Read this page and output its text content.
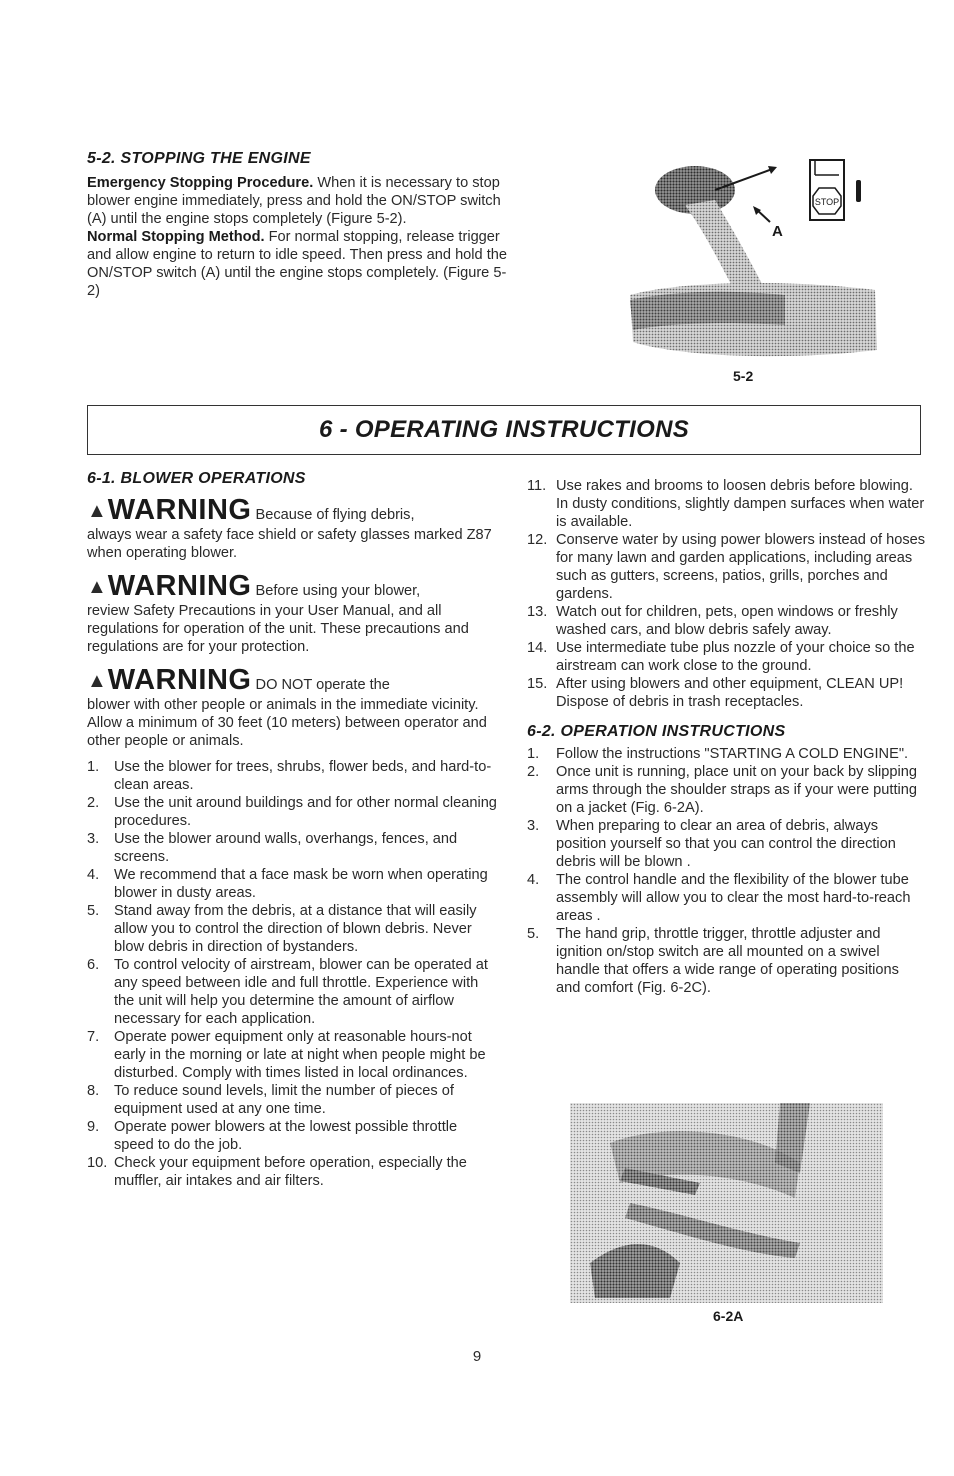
5-2. STOPPING THE ENGINE

Emergency Stopping Procedure. When it is necessary to stop blower engine immediately, press and hold the ON/STOP switch (A) until the engine stops completely (Figure 5-2).

Normal Stopping Method. For normal stopping, release trigger and allow engine to return to idle speed. Then press and hold the ON/STOP switch (A) until the engine stops completely. (Figure 5-2)

A
STOP
5-2
6 - OPERATING INSTRUCTIONS
6-1. BLOWER OPERATIONS
▲WARNING Because of flying debris,

always wear a safety face shield or safety glasses marked Z87 when operating blower.

▲WARNING Before using your blower,

review Safety Precautions in your User Manual, and all regulations for operation of the unit. These precautions and regulations are for your protection.

▲WARNING DO NOT operate the

blower with other people or animals in the immediate vicinity. Allow a minimum of 30 feet (10 meters) between operator and other people or animals.

1.	Use the blower for trees, shrubs, flower beds, and hard-to-clean areas.
2.	Use the unit around buildings and for other normal cleaning procedures.
3.	Use the blower around walls, overhangs, fences, and screens.
4.	We recommend that a face mask be worn when operating blower in dusty areas.
5.	Stand away from the debris, at a distance that will easily allow you to control the direction of blown debris. Never blow debris in direction of bystanders.
6.	To control velocity of airstream, blower can be operated at any speed between idle and full throttle. Experience with the unit will help you determine the amount of airflow necessary for each application.
7.	Operate power equipment only at reasonable hours-not early in the morning or late at night when people might be disturbed. Comply with times listed in local ordinances.
8.	To reduce sound levels, limit the number of pieces of equipment used at any one time.
9.	Operate power blowers at the lowest possible throttle speed to do the job.
10. Check your equipment before operation, especially the muffler, air intakes and air filters.
11. Use rakes and brooms to loosen debris before blowing. In dusty conditions, slightly dampen surfaces when water is available.
12. Conserve water by using power blowers instead of hoses for many lawn and garden applications, including areas such as gutters, screens, patios, grills, porches and gardens.
13. Watch out for children, pets, open windows or freshly washed cars, and blow debris safely away.
14. Use intermediate tube plus nozzle of your choice so the airstream can work close to the ground.
15. After using blowers and other equipment, CLEAN UP!
Dispose of debris in trash receptacles.
6-2. OPERATION INSTRUCTIONS
1.	Follow the instructions "STARTING A COLD ENGINE".
2.	Once unit is running, place unit on your back by slipping arms through the shoulder straps as if your were putting on a jacket (Fig. 6-2A).
3.	When preparing to clear an area of debris, always position yourself so that you can control the direction debris will be blown .
4.	The control handle and the flexibility of the blower tube assembly will allow you to clear the most hard-to-reach areas .
5.	The hand grip, throttle trigger, throttle adjuster and ignition on/stop switch are all mounted on a swivel handle that offers a wide range of operating positions and comfort (Fig. 6-2C).
6-2A
9
